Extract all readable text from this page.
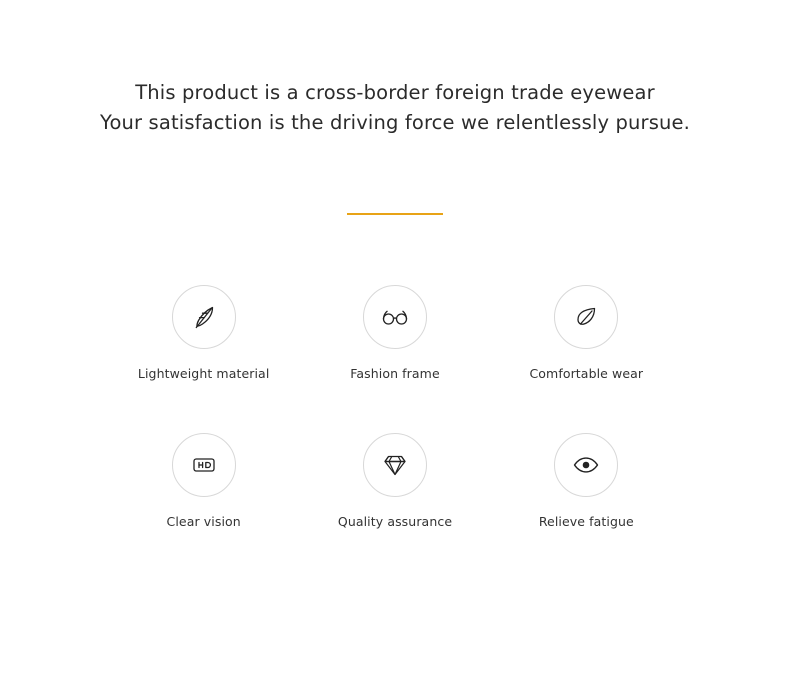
This product is a cross-border foreign trade eyewear
Your satisfaction is the driving force we relentlessly pursue.
Lightweight material	Fashion frame	Comfortable wear
Clear vision	Quality assurance	Relieve fatigue
